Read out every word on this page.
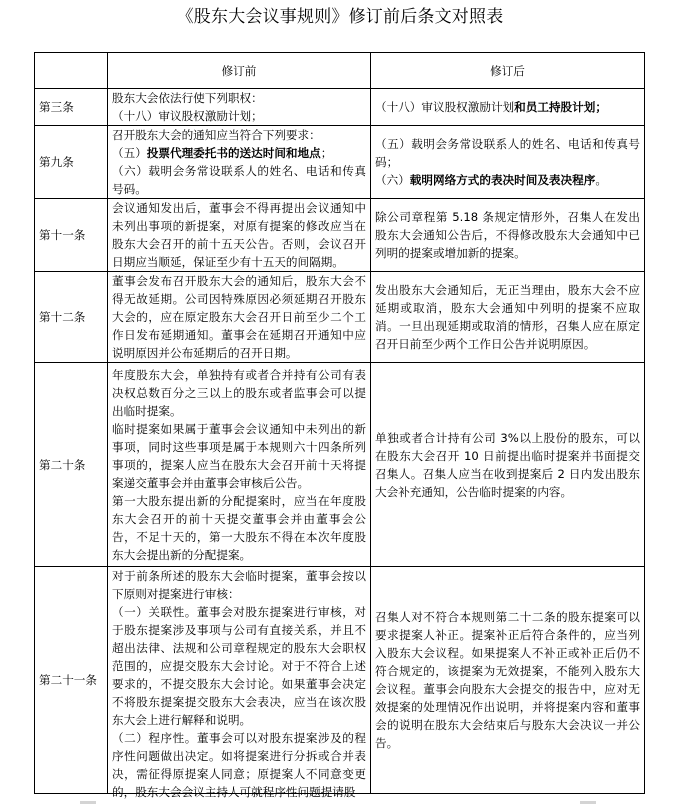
《股东大会议事规则》修订前后条文对照表
	修订前	修订后
第三条	股东大会依法行使下列职权：
（十八）审议股权激励计划；	（十八）审议股权激励计划和员工持股计划；

第九条	召开股东大会的通知应当符合下列要求：
（五）投票代理委托书的送达时间和地点；
（六）载明会务常设联系人的姓名、电话和传真号码。	（五）载明会务常设联系人的姓名、电话和传真号码；
（六）载明网络方式的表决时间及表决程序。

第十一条	会议通知发出后，董事会不得再提出会议通知中未列出事项的新提案，对原有提案的修改应当在股东大会召开的前十五天公告。否则，会议召开日期应当顺延，保证至少有十五天的间隔期。	除公司章程第 5.18 条规定情形外，召集人在发出股东大会通知公告后，不得修改股东大会通知中已列明的提案或增加新的提案。

第十二条	董事会发布召开股东大会的通知后，股东大会不得无故延期。公司因特殊原因必须延期召开股东大会的，应在原定股东大会召开日前至少二个工作日发布延期通知。董事会在延期召开通知中应说明原因并公布延期后的召开日期。	发出股东大会通知后，无正当理由，股东大会不应延期或取消，股东大会通知中列明的提案不应取消。一旦出现延期或取消的情形，召集人应在原定召开日前至少两个工作日公告并说明原因。

第二十条	年度股东大会，单独持有或者合并持有公司有表决权总数百分之三以上的股东或者监事会可以提出临时提案。
临时提案如果属于董事会会议通知中未列出的新事项，同时这些事项是属于本规则六十四条所列事项的，提案人应当在股东大会召开前十天将提案递交董事会并由董事会审核后公告。
第一大股东提出新的分配提案时，应当在年度股东大会召开的前十天提交董事会并由董事会公告，不足十天的，第一大股东不得在本次年度股东大会提出新的分配提案。	单独或者合计持有公司 3%以上股份的股东，可以在股东大会召开 10 日前提出临时提案并书面提交召集人。召集人应当在收到提案后 2 日内发出股东大会补充通知，公告临时提案的内容。

第二十一条	对于前条所述的股东大会临时提案，董事会按以下原则对提案进行审核：
（一）关联性。董事会对股东提案进行审核，对于股东提案涉及事项与公司有直接关系，并且不超出法律、法规和公司章程规定的股东大会职权范围的，应提交股东大会讨论。对于不符合上述要求的，不提交股东大会讨论。如果董事会决定不将股东提案提交股东大会表决，应当在该次股东大会上进行解释和说明。
（二）程序性。董事会可以对股东提案涉及的程序性问题做出决定。如将提案进行分拆或合并表决，需征得原提案人同意；原提案人不同意变更的，股东大会会议主持人可就程序性问题提请股	召集人对不符合本规则第二十二条的股东提案可以要求提案人补正。提案补正后符合条件的，应当列入股东大会议程。如果提案人不补正或补正后仍不符合规定的，该提案为无效提案，不能列入股东大会议程。董事会向股东大会提交的报告中，应对无效提案的处理情况作出说明，并将提案内容和董事会的说明在股东大会结束后与股东大会决议一并公告。
